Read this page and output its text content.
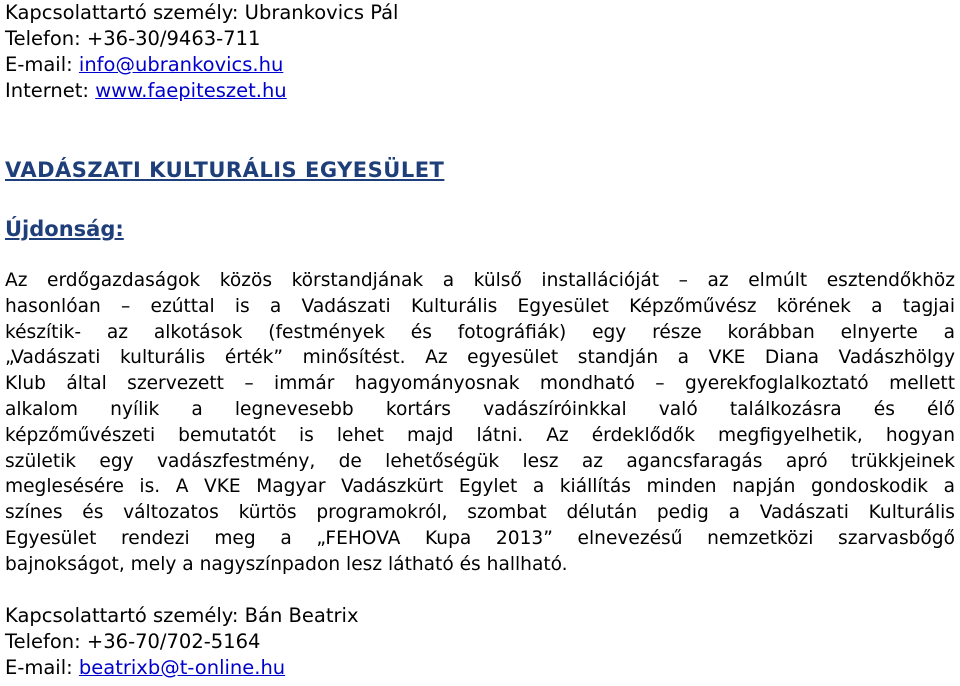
Kapcsolattartó személy: Ubrankovics Pál
Telefon: +36-30/9463-711
E-mail: info@ubrankovics.hu
Internet: www.faepiteszet.hu
VADÁSZATI KULTURÁLIS EGYESÜLET
Újdonság:
Az erdőgazdaságok közös körstandjának a külső installációját – az elmúlt esztendőkhöz
hasonlóan – ezúttal is a Vadászati Kulturális Egyesület Képzőművész körének a tagjai
készítik- az alkotások (festmények és fotográfiák) egy része korábban elnyerte a
„Vadászati kulturális érték” minősítést. Az egyesület standján a VKE Diana Vadászhölgy
Klub által szervezett – immár hagyományosnak mondható – gyerekfoglalkoztató mellett
alkalom nyílik a legnevesebb kortárs vadászíróinkkal való találkozásra és élő
képzőművészeti bemutatót is lehet majd látni. Az érdeklődők megfigyelhetik, hogyan
születik egy vadászfestmény, de lehetőségük lesz az agancsfaragás apró trükkjeinek
meglesésére is. A VKE Magyar Vadászkürt Egylet a kiállítás minden napján gondoskodik a
színes és változatos kürtös programokról, szombat délután pedig a Vadászati Kulturális
Egyesület rendezi meg a „FEHOVA Kupa 2013” elnevezésű nemzetközi szarvasbőgő
bajnokságot, mely a nagyszínpadon lesz látható és hallható.
Kapcsolattartó személy: Bán Beatrix
Telefon: +36-70/702-5164
E-mail: beatrixb@t-online.hu
